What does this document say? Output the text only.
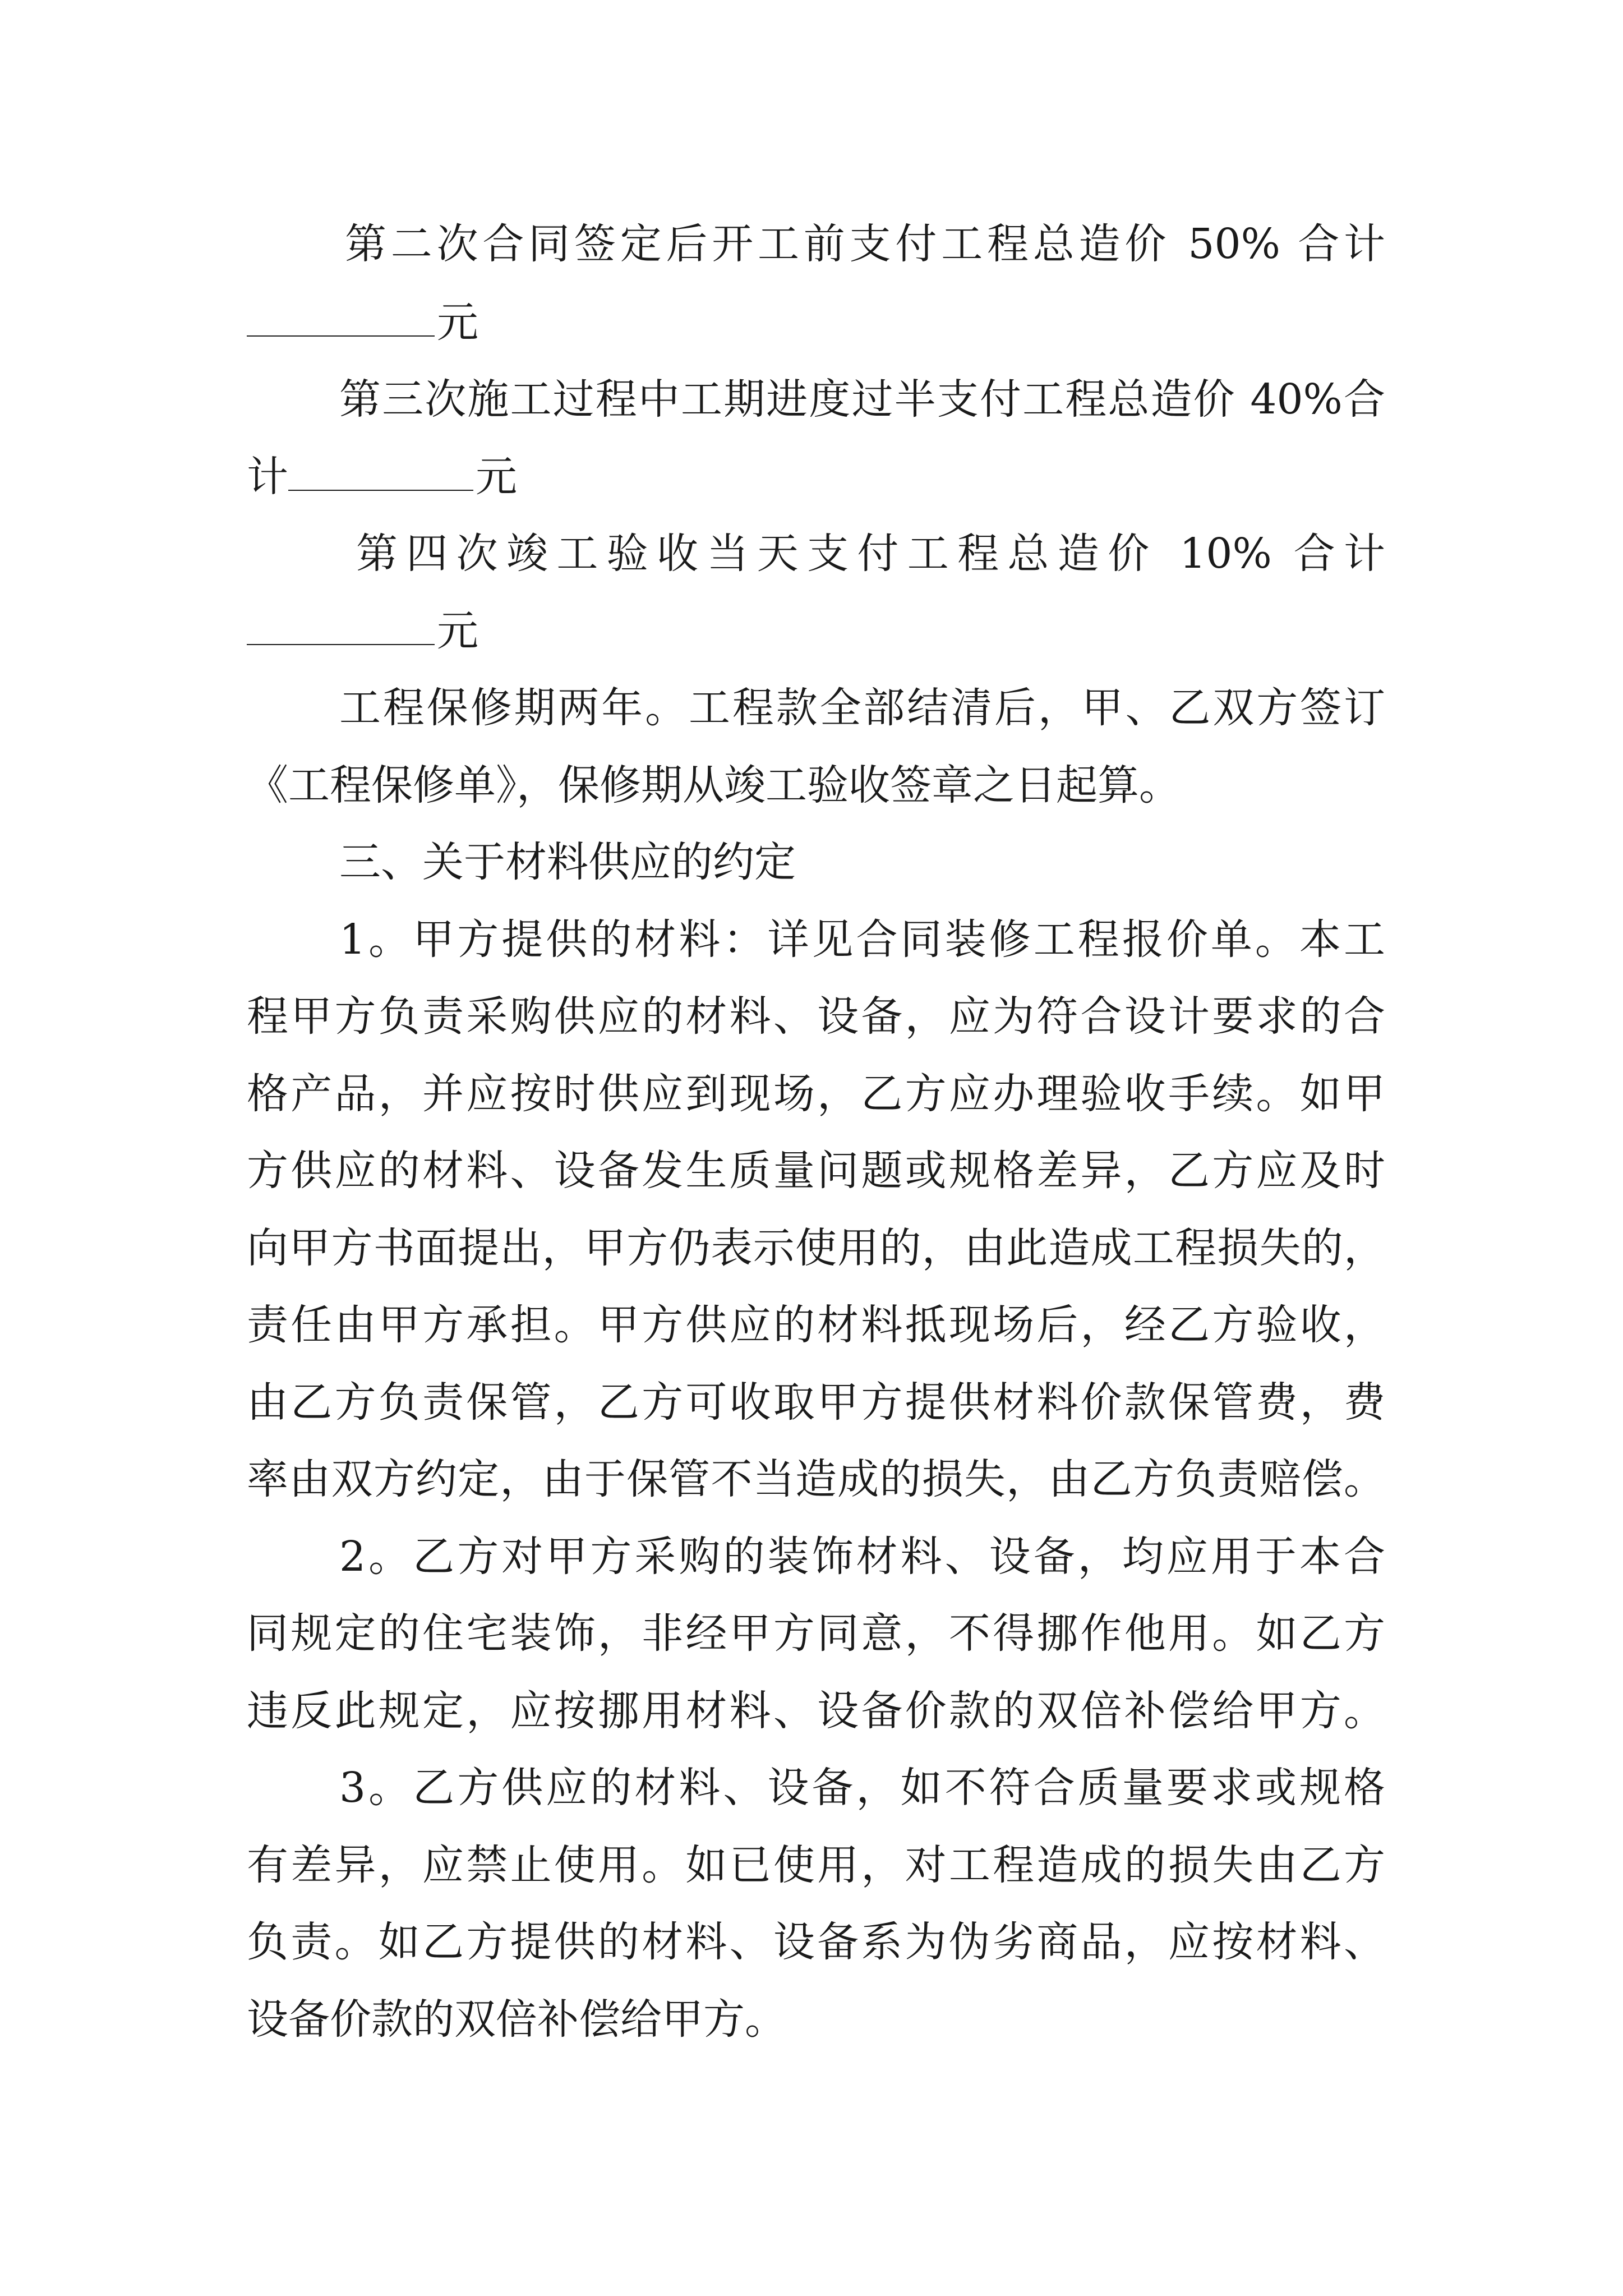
第二次合同签定后开工前支付工程总造价 50% 合计
元
第三次施工过程中工期进度过半支付工程总造价 40%合
计	元
第四次竣工验收当天支付工程总造价 10% 合计
元
工程保修期两年。工程款全部结清后，甲、乙双方签订
《工程保修单》，保修期从竣工验收签章之日起算。
三、关于材料供应的约定
1。甲方提供的材料：详见合同装修工程报价单。本工
程甲方负责采购供应的材料、设备，应为符合设计要求的合
格产品，并应按时供应到现场，乙方应办理验收手续。如甲
方供应的材料、设备发生质量问题或规格差异，乙方应及时
向甲方书面提出，甲方仍表示使用的，由此造成工程损失的，
责任由甲方承担。甲方供应的材料抵现场后，经乙方验收，
由乙方负责保管，乙方可收取甲方提供材料价款保管费，费
率由双方约定，由于保管不当造成的损失，由乙方负责赔偿。
2。乙方对甲方采购的装饰材料、设备，均应用于本合
同规定的住宅装饰，非经甲方同意，不得挪作他用。如乙方
违反此规定，应按挪用材料、设备价款的双倍补偿给甲方。
3。乙方供应的材料、设备，如不符合质量要求或规格
有差异，应禁止使用。如已使用，对工程造成的损失由乙方
负责。如乙方提供的材料、设备系为伪劣商品，应按材料、
设备价款的双倍补偿给甲方。
